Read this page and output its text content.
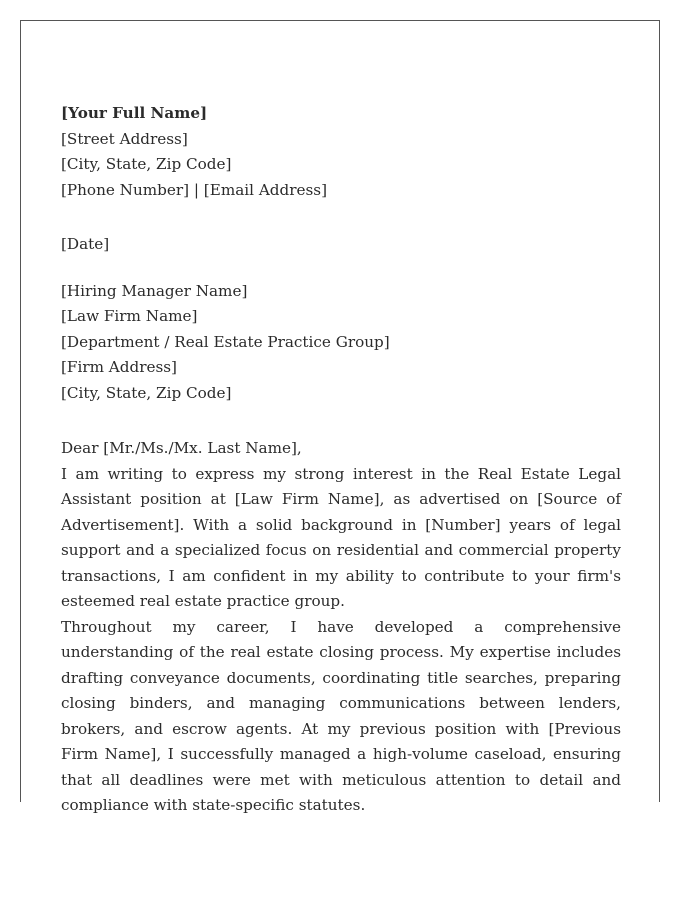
[Your Full Name]

[Street Address]

[City, State, Zip Code]

[Phone Number] | [Email Address]

[Date]

[Hiring Manager Name]

[Law Firm Name]

[Department / Real Estate Practice Group]

[Firm Address]

[City, State, Zip Code]

Dear [Mr./Ms./Mx. Last Name],

I am writing to express my strong interest in the Real Estate Legal Assistant position at [Law Firm Name], as advertised on [Source of Advertisement]. With a solid background in [Number] years of legal support and a specialized focus on residential and commercial property transactions, I am confident in my ability to contribute to your firm's esteemed real estate practice group.

Throughout my career, I have developed a comprehensive understanding of the real estate closing process. My expertise includes drafting conveyance documents, coordinating title searches, preparing closing binders, and managing communications between lenders, brokers, and escrow agents. At my previous position with [Previous Firm Name], I successfully managed a high-volume caseload, ensuring that all deadlines were met with meticulous attention to detail and compliance with state-specific statutes.
